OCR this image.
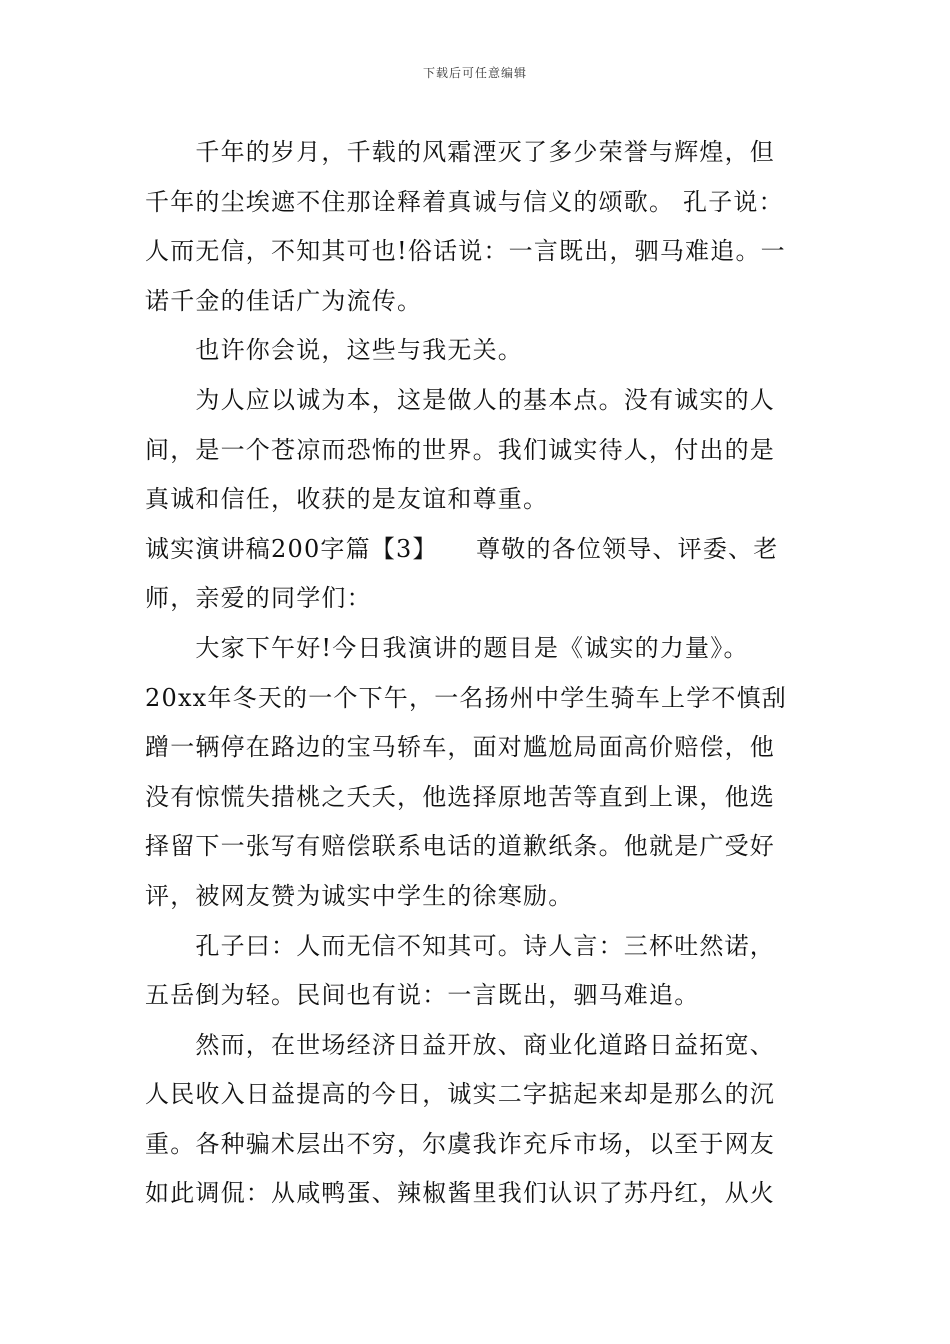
下载后可任意编辑
　　千年的岁月，千载的风霜湮灭了多少荣誉与辉煌，但
千年的尘埃遮不住那诠释着真诚与信义的颂歌。 孔子说：
人而无信，不知其可也!俗话说：一言既出，驷马难追。一
诺千金的佳话广为流传。
　　也许你会说，这些与我无关。
　　为人应以诚为本，这是做人的基本点。没有诚实的人
间，是一个苍凉而恐怖的世界。我们诚实待人，付出的是
真诚和信任，收获的是友谊和尊重。
诚实演讲稿200字篇【3】　　尊敬的各位领导、评委、老
师，亲爱的同学们：
　　大家下午好!今日我演讲的题目是《诚实的力量》。
20xx年冬天的一个下午，一名扬州中学生骑车上学不慎刮
蹭一辆停在路边的宝马轿车，面对尴尬局面高价赔偿，他
没有惊慌失措桃之夭夭，他选择原地苦等直到上课，他选
择留下一张写有赔偿联系电话的道歉纸条。他就是广受好
评，被网友赞为诚实中学生的徐寒励。
　　孔子曰：人而无信不知其可。诗人言：三杯吐然诺，
五岳倒为轻。民间也有说：一言既出，驷马难追。
　　然而，在世场经济日益开放、商业化道路日益拓宽、
人民收入日益提高的今日，诚实二字掂起来却是那么的沉
重。各种骗术层出不穷，尔虞我诈充斥市场，以至于网友
如此调侃：从咸鸭蛋、辣椒酱里我们认识了苏丹红，从火
